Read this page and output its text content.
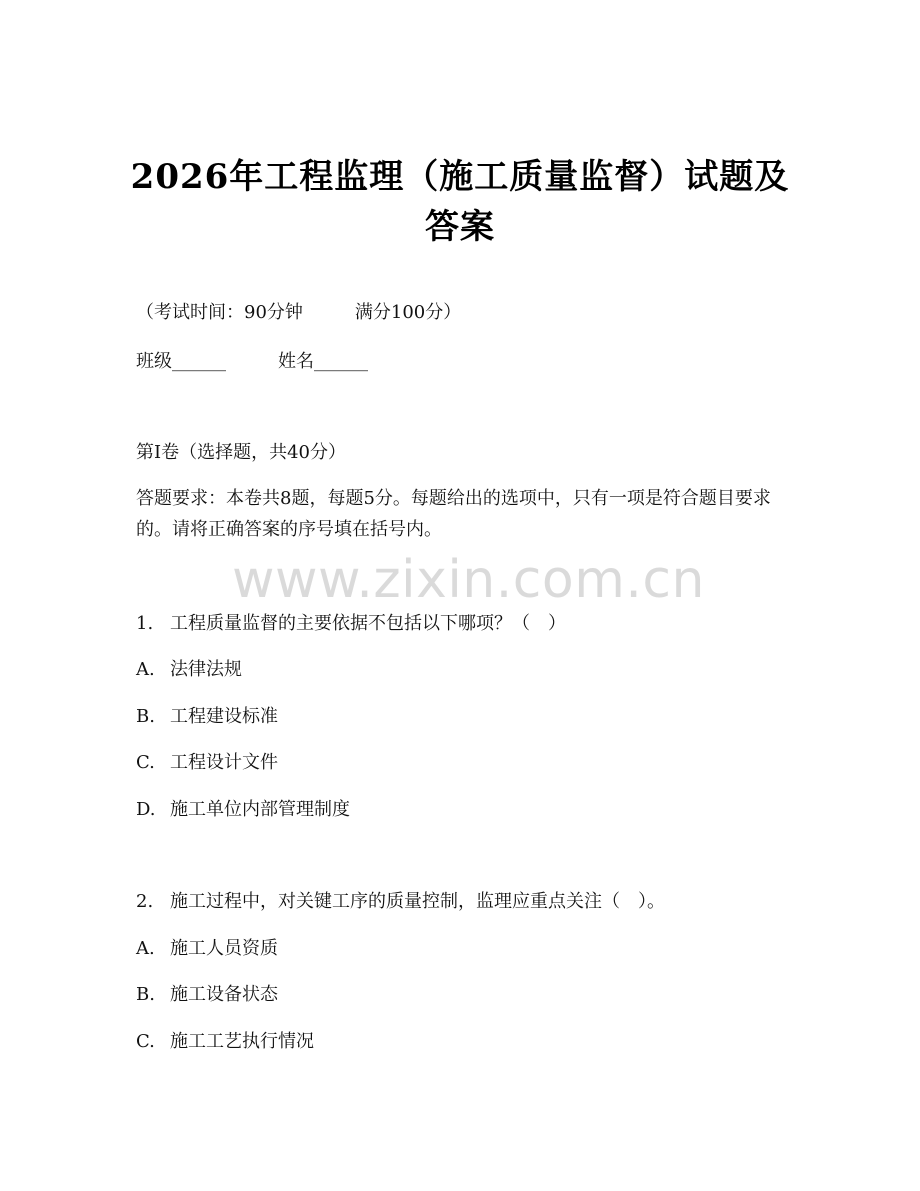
2026年工程监理（施工质量监督）试题及答案
（考试时间：90分钟	满分100分）
班级______	姓名______
第I卷（选择题，共40分）
答题要求：本卷共8题，每题5分。每题给出的选项中，只有一项是符合题目要求的。请将正确答案的序号填在括号内。
www.zixin.com.cn
1. 工程质量监督的主要依据不包括以下哪项？（　）
A. 法律法规
B. 工程建设标准
C. 工程设计文件
D. 施工单位内部管理制度
2. 施工过程中，对关键工序的质量控制，监理应重点关注（　）。
A. 施工人员资质
B. 施工设备状态
C. 施工工艺执行情况
